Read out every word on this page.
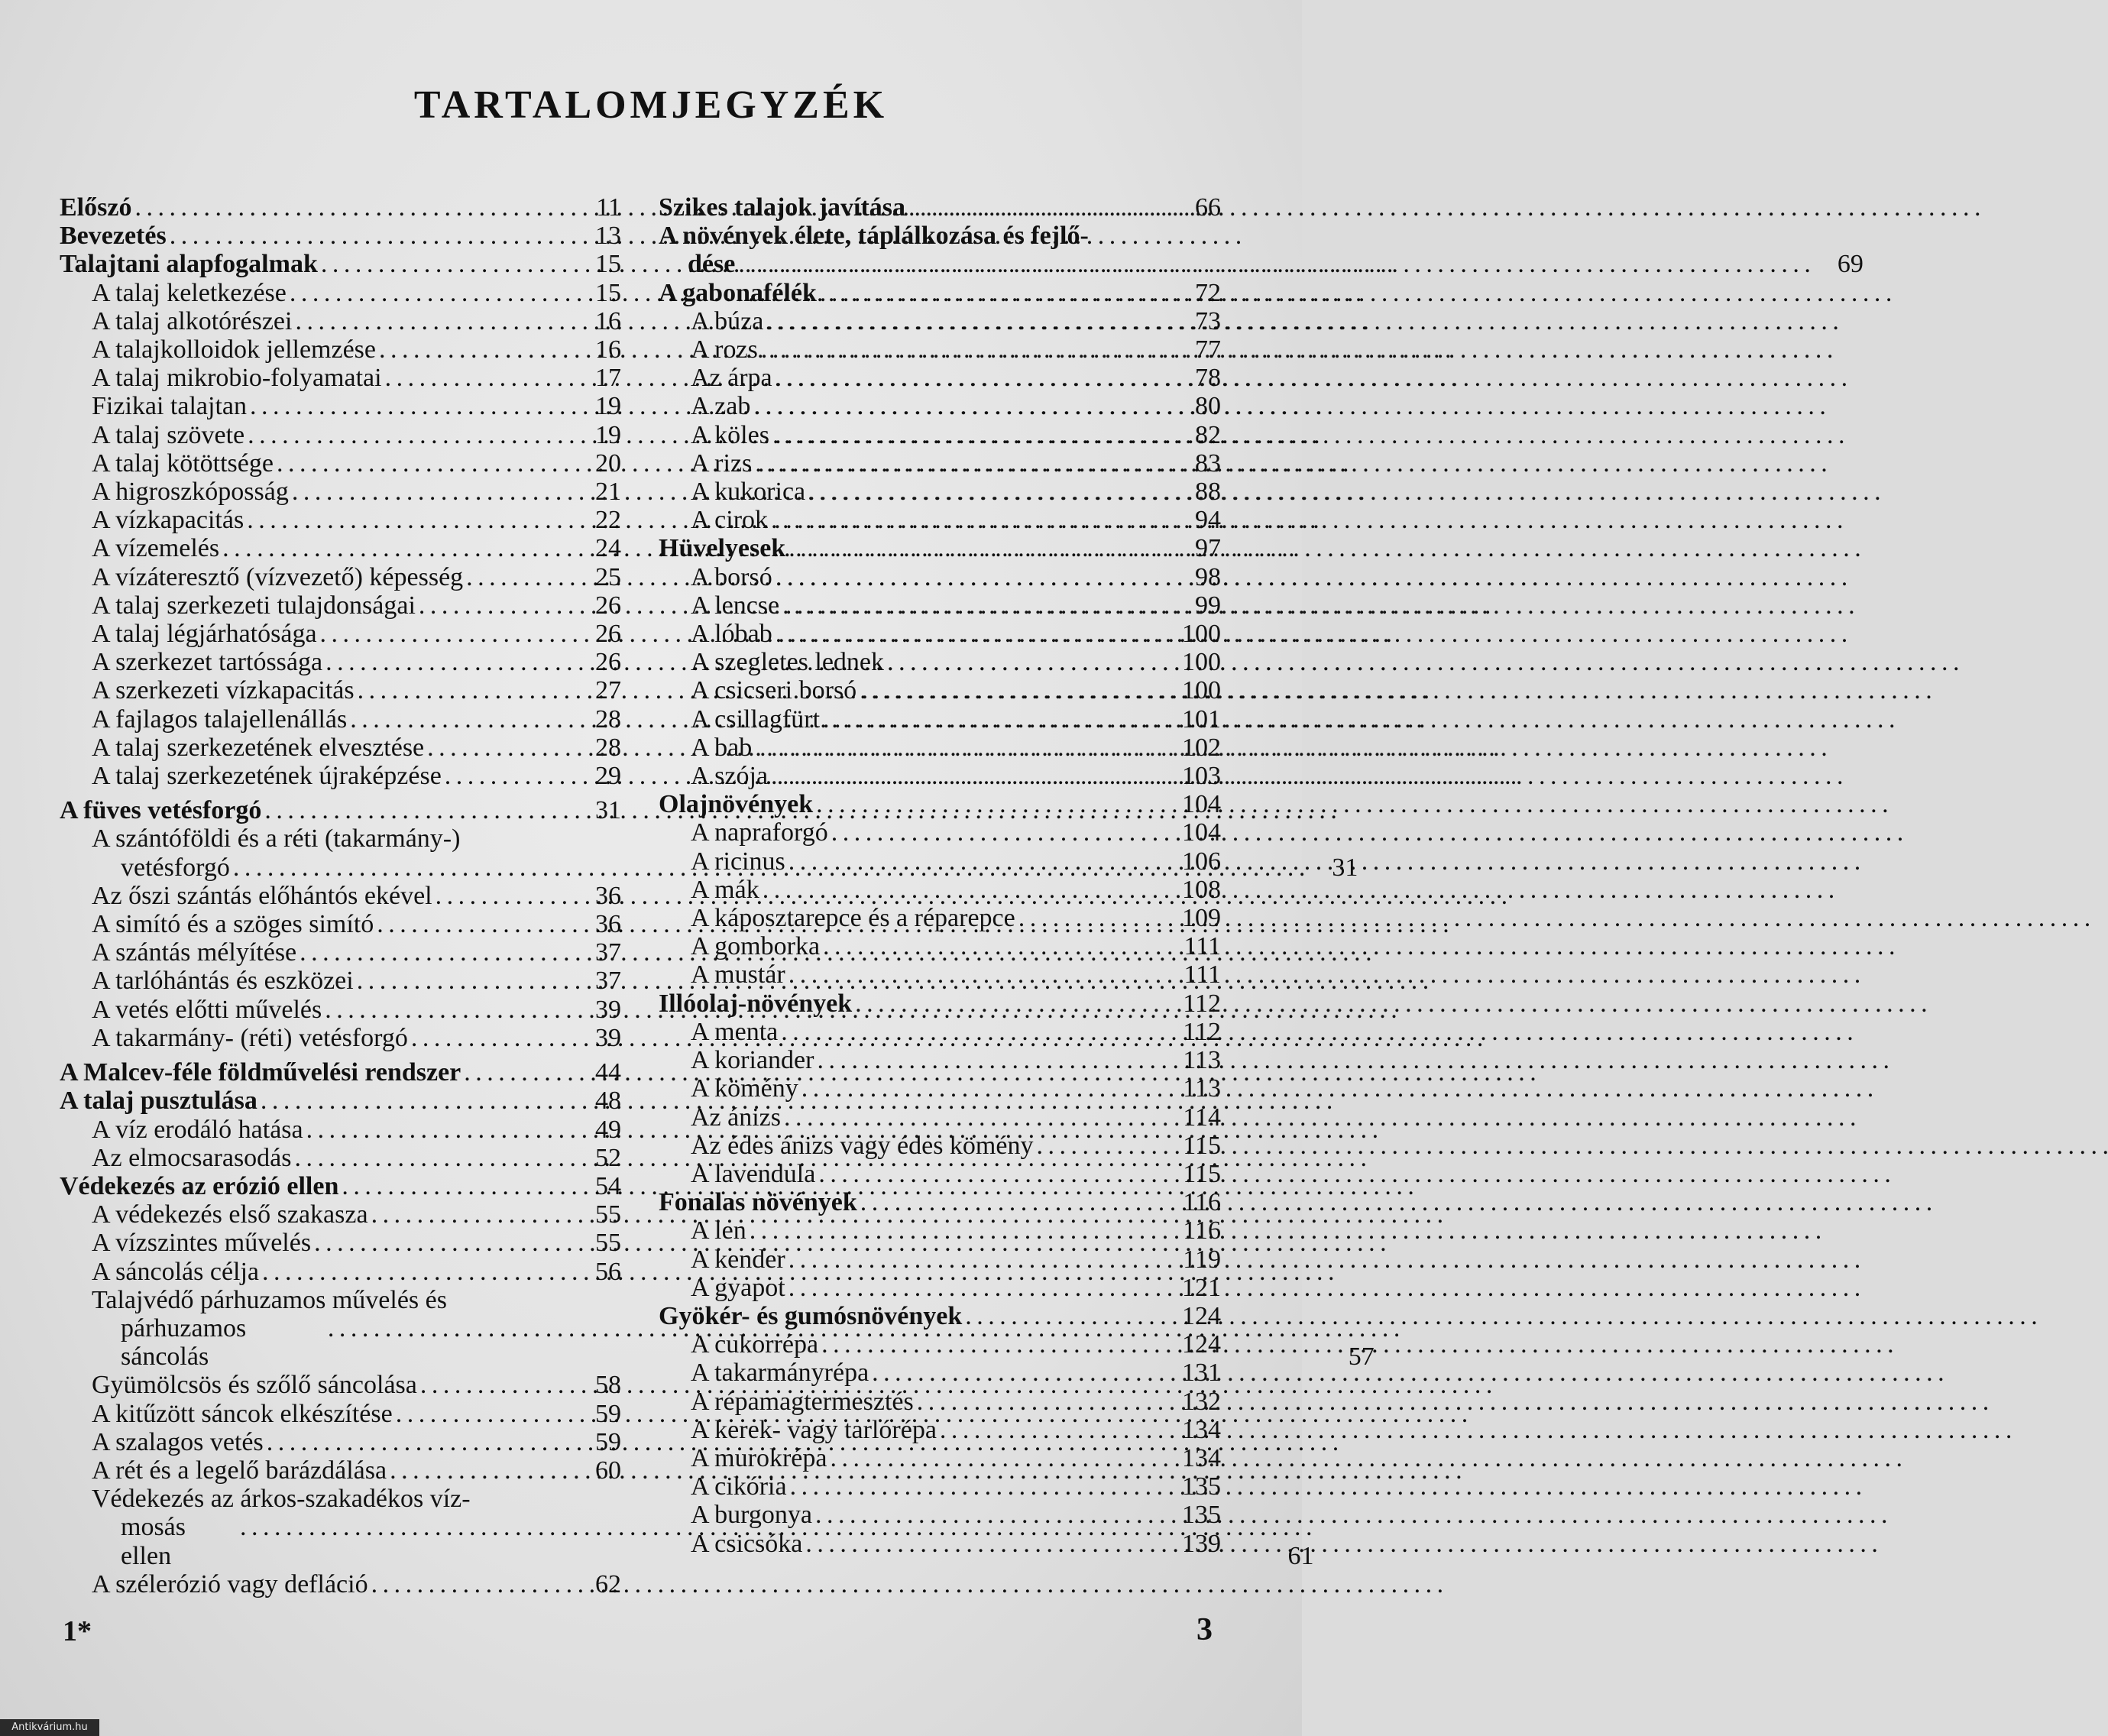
TARTALOMJEGYZÉK
Előszó . . .	11
Bevezetés . . .	13
Talajtani alapfogalmak . . .	15
A talaj keletkezése . . .	15
A talaj alkotórészei . . .	16
A talajkolloidok jellemzése . . .	16
A talaj mikrobio-folyamatai . . .	17
Fizikai talajtan . . .	19
A talaj szövete . . .	19
A talaj kötöttsége . . .	20
A higroszkóposság . . .	21
A vízkapacitás . . .	22
A vízemelés . . .	24
A vízáteresztő (vízvezető) képesség . . .	25
A talaj szerkezeti tulajdonságai . . .	26
A talaj légjárhatósága . . .	26
A szerkezet tartóssága . . .	26
A szerkezeti vízkapacitás . . .	27
A fajlagos talajellenállás . . .	28
A talaj szerkezetének elvesztése . . .	28
A talaj szerkezetének újraképzése . . .	29
A füves vetésforgó . . .	31
A szántóföldi és a réti (takarmány-)
vetésforgó . . .	31
Az őszi szántás előhántós ekével . . .	36
A simító és a szöges simító . . .	36
A szántás mélyítése . . .	37
A tarlóhántás és eszközei . . .	37
A vetés előtti művelés . . .	39
A takarmány- (réti) vetésforgó . . .	39
A Malcev-féle földművelési rendszer . . .	44
A talaj pusztulása . . .	48
A víz erodáló hatása . . .	49
Az elmocsarasodás . . .	52
Védekezés az erózió ellen . . .	54
A védekezés első szakasza . . .	55
A vízszintes művelés . . .	55
A sáncolás célja . . .	56
Talajvédő párhuzamos művelés és
párhuzamos sáncolás
. . .	57
Gyümölcsös és szőlő sáncolása . . .	58
A kitűzött sáncok elkészítése . . .	59
A szalagos vetés . . .	59
A rét és a legelő barázdálása . . .	60
Védekezés az árkos-szakadékos víz-
mosás ellen
. . .	61
A szélerózió vagy defláció . . .	62
Szikes talajok javítása . . .	66
A növények élete, táplálkozása és fejlő-
dése . . .	69
A gabonafélék . . .	72
A búza . . .	73
A rozs . . .	77
Az árpa . . .	78
A zab . . .	80
A köles . . .	82
A rizs . . .	83
A kukorica . . .	88
A cirok . . .	94
Hüvelyesek . . .	97
A borsó . . .	98
A lencse . . .	99
A lóbab . . .	100
A szegletes lednek . . .	100
A csicseri borsó . . .	100
A csillagfürt . . .	101
A bab . . .	102
A szója . . .	103
Olajnövények . . .	104
A napraforgó . . .	104
A ricinus . . .	106
A mák . . .	108
A káposztarepce és a réparepce . . .	109
A gomborka . . .	111
A mustár . . .	111
Illóolaj-növények . . .	112
A menta . . .	112
A koriander . . .	113
A kömény . . .	113
Az ánizs . . .	114
Az édes ánizs vagy édes kömény . . .	115
A lavendula . . .	115
Fonalas növények . . .	116
A len . . .	116
A kender . . .	119
A gyapot . . .	121
Gyökér- és gumósnövények . . .	124
A cukorrépa . . .	124
A takarmányrépa . . .	131
A répamagtermesztés . . .	132
A kerek- vagy tarlórépa . . .	134
A murokrépa . . .	134
A cikória . . .	135
A burgonya . . .	135
A csicsóka . . .	139
1*	3
Antikvárium.hu
